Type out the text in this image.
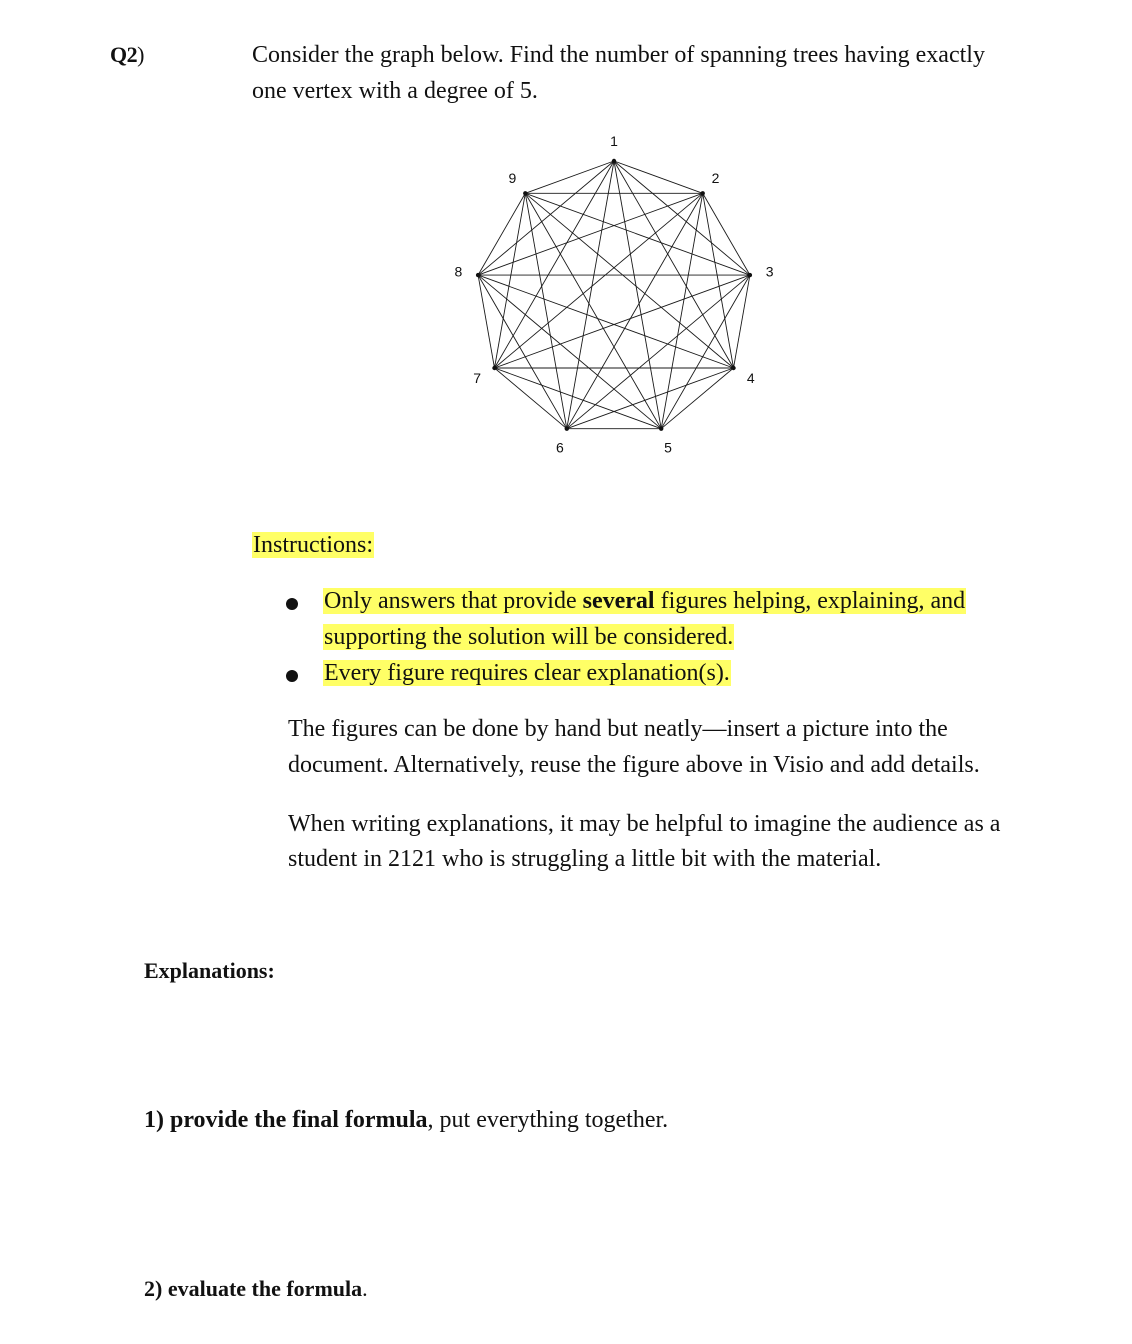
Q2)	Consider the graph below. Find the number of spanning trees having exactly
one vertex with a degree of 5.
1
2
3
4
5
6
7
8
9
Instructions:
Only answers that provide several figures helping, explaining, and
supporting the solution will be considered.
Every figure requires clear explanation(s).
The figures can be done by hand but neatly—insert a picture into the
document. Alternatively, reuse the figure above in Visio and add details.
When writing explanations, it may be helpful to imagine the audience as a
student in 2121 who is struggling a little bit with the material.
Explanations:
1) provide the final formula, put everything together.
2) evaluate the formula.
